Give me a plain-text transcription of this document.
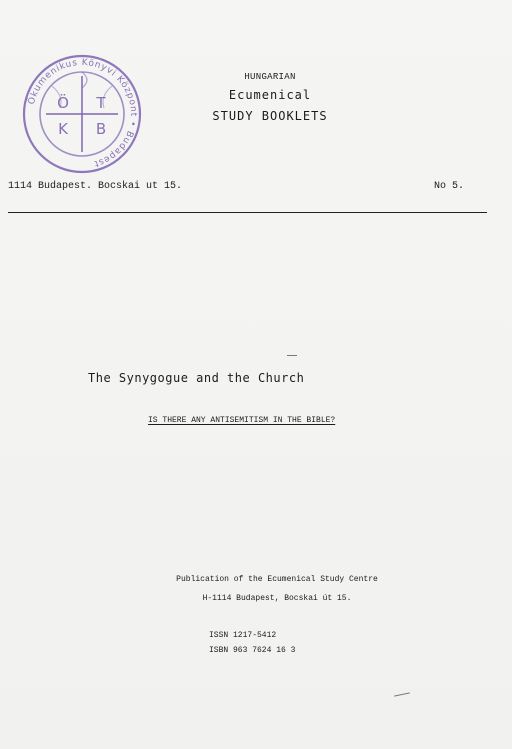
Ökumenikus Könyvi Központ • Budapest
Ö T
K B
HUNGARIAN
Ecumenical
STUDY BOOKLETS
1114 Budapest. Bocskai ut 15.	No 5.
The Synygogue and the Church
IS THERE ANY ANTISEMITISM IN THE BIBLE?
Publication of the Ecumenical Study Centre
H-1114 Budapest, Bocskai út 15.
ISSN 1217-5412
ISBN 963 7624 16 3
